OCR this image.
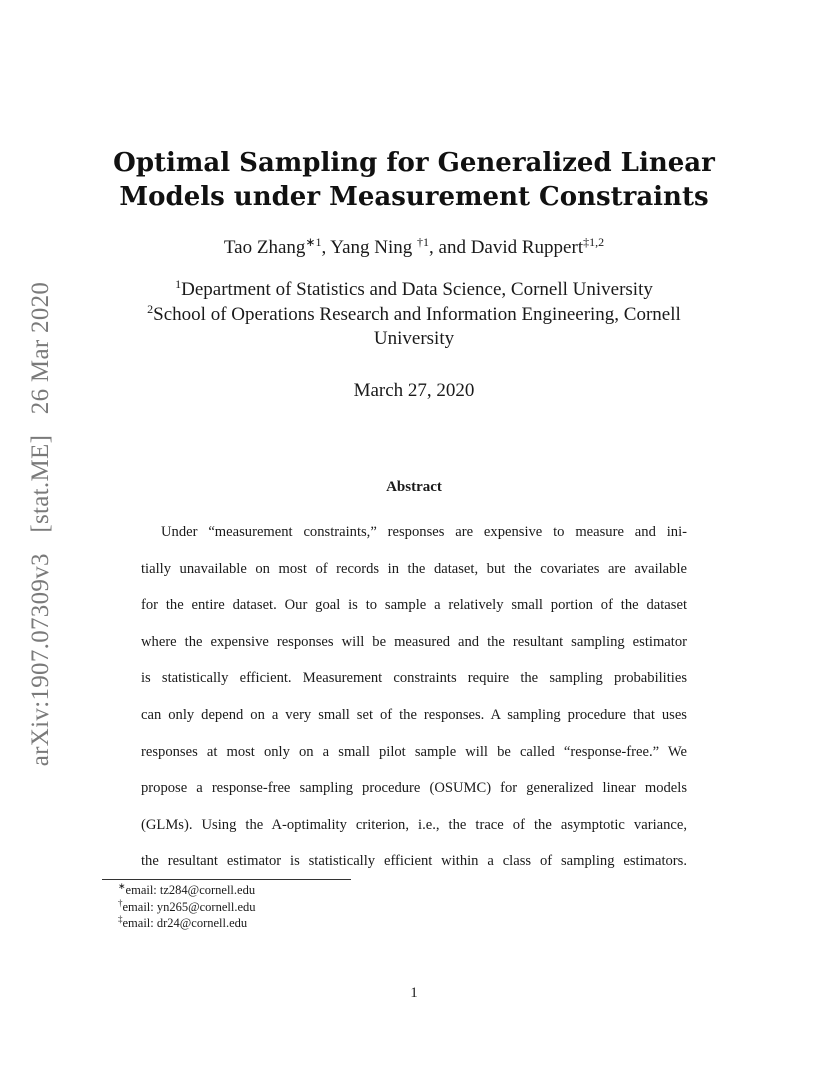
arXiv:1907.07309v3 [stat.ME] 26 Mar 2020
Optimal Sampling for Generalized Linear
Models under Measurement Constraints
Tao Zhang$^{∗1}$, Yang Ning $^{\dagger 1}$, and David Ruppert$^{\ddagger 1,2}$
$^1$Department of Statistics and Data Science, Cornell University
$^2$School of Operations Research and Information Engineering, Cornell
University
March 27, 2020
Abstract
Under “measurement constraints,” responses are expensive to measure and ini-
tially unavailable on most of records in the dataset, but the covariates are available
for the entire dataset. Our goal is to sample a relatively small portion of the dataset
where the expensive responses will be measured and the resultant sampling estimator
is statistically efficient. Measurement constraints require the sampling probabilities
can only depend on a very small set of the responses. A sampling procedure that uses
responses at most only on a small pilot sample will be called “response-free.” We
propose a response-free sampling procedure (OSUMC) for generalized linear models
(GLMs). Using the A-optimality criterion, i.e., the trace of the asymptotic variance,
the resultant estimator is statistically efficient within a class of sampling estimators.
∗email: tz284@cornell.edu
†email: yn265@cornell.edu
‡email: dr24@cornell.edu
1
